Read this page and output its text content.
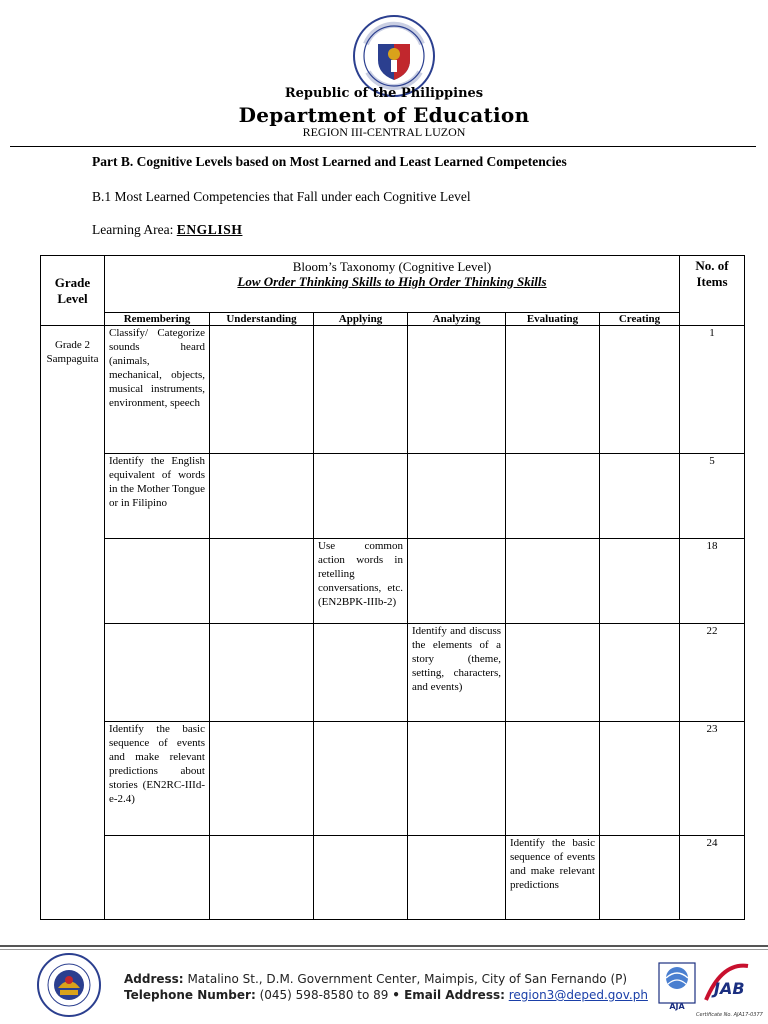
Republic of the Philippines
Department of Education
REGION III-CENTRAL LUZON
Part B. Cognitive Levels based on Most Learned and Least Learned Competencies
B.1 Most Learned Competencies that Fall under each Cognitive Level
Learning Area: ENGLISH
Grade Level	Bloom’s Taxonomy (Cognitive Level)
Low Order Thinking Skills to High Order Thinking Skills						No. of Items
	Remembering	Understanding	Applying	Analyzing	Evaluating	Creating	
Grade 2 Sampaguita	Classify/ Categorize sounds heard (animals, mechanical, objects, musical instruments, environment, speech						1
	Identify the English equivalent of words in the Mother Tongue or in Filipino						5
			Use common action words in retelling conversations, etc.(EN2BPK-IIIb-2)				18
				Identify and discuss the elements of a story (theme, setting, characters, and events)			22
	Identify the basic sequence of events and make relevant predictions about stories (EN2RC-IIId-e-2.4)						23
					Identify the basic sequence of events and make relevant predictions		24
Address: Matalino St., D.M. Government Center, Maimpis, City of San Fernando (P)
Telephone Number: (045) 598-8580 to 89 • Email Address: region3@deped.gov.ph
AJA
JAB
Certificate No. AJA17-0377
